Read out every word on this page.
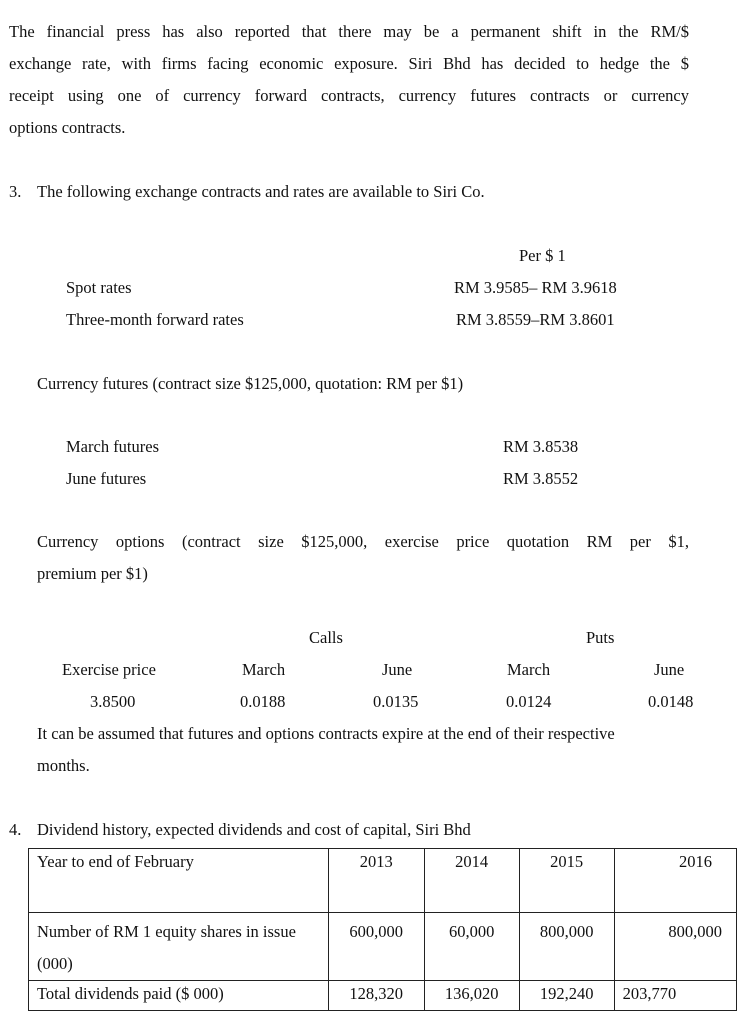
The financial press has also reported that there may be a permanent shift in the RM/$
exchange rate, with firms facing economic exposure. Siri Bhd has decided to hedge the $
receipt using one of currency forward contracts, currency futures contracts or currency
options contracts.
3. The following exchange contracts and rates are available to Siri Co.
Per $ 1
Spot rates	RM 3.9585– RM 3.9618
Three-month forward rates	RM 3.8559–RM 3.8601
Currency futures (contract size $125,000, quotation: RM per $1)
March futures	RM 3.8538
June futures	RM 3.8552
Currency options (contract size $125,000, exercise price quotation RM per $1,
premium per $1)
Calls	Puts
Exercise price	March	June	March	June
3.8500	0.0188	0.0135	0.0124	0.0148
It can be assumed that futures and options contracts expire at the end of their respective
months.
4. Dividend history, expected dividends and cost of capital, Siri Bhd
Year to end of February	2013	2014	2015	2016

Number of RM 1 equity shares in issue
(000)	600,000	60,000	800,000	800,000
Total dividends paid ($ 000)	128,320	136,020	192,240	203,770
